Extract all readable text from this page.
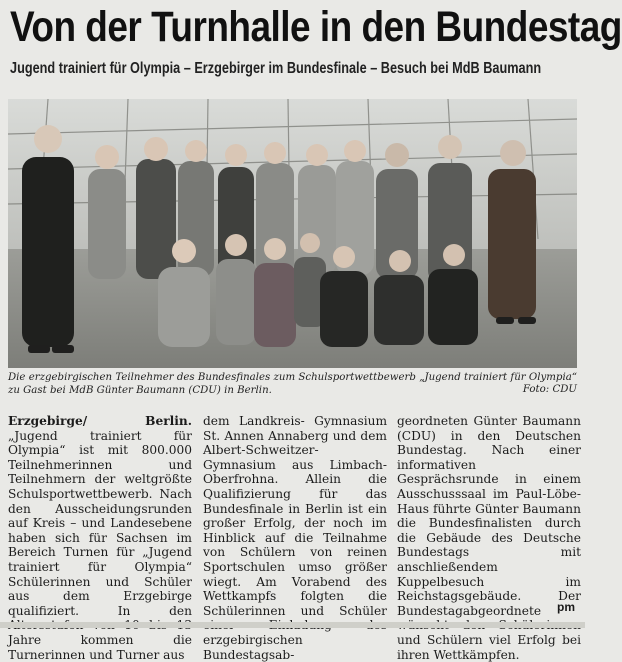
Von der Turnhalle in den Bundestag
Jugend trainiert für Olympia – Erzgebirger im Bundesfinale – Besuch bei MdB Baumann

Die erzgebirgischen Teilnehmer des Bundesfinales zum Schulsportwettbewerb „Jugend trainiert für Olympia“ zu Gast bei MdB Günter Baumann (CDU) in Berlin.	Foto: CDU

Erzgebirge/ Berlin. „Jugend trainiert für Olympia“ ist mit 800.000 Teilnehmerinnen und Teilnehmern der weltgrößte Schulsportwettbewerb. Nach den Ausscheidungsrunden auf Kreis – und Landesebene haben sich für Sachsen im Bereich Turnen für „Jugend trainiert für Olympia“ Schülerinnen und Schüler aus dem Erzgebirge qualifiziert. In den Jahre kommen die Turnerinnen und Turner aus
dem Landkreis- Gymnasium St. Annen Annaberg und dem Albert-Schweitzer-Gymnasium aus Limbach- Oberfrohna. Allein die Qualifizierung für das Bundesfinale in Berlin ist ein großer Erfolg, der noch im Hinblick auf die Teilnahme von Schülern von reinen Sportschulen umso größer wiegt. Am Vorabend des Wettkampfs folgten die Schülerinnen und Schüler erzgebirgischen Bundestagsab-
geordneten Günter Baumann (CDU) in den Deutschen Bundestag. Nach einer informativen Gesprächsrunde in einem Ausschusssaal im Paul-Löbe-Haus führte Günter Baumann die Bundesfinalisten durch die Gebäude des Deutsche Bundestags mit anschließendem Kuppelbesuch im Reichstagsgebäude. Der Bundestagabgeordnete und Schülern viel Erfolg bei ihren Wettkämpfen.

pm
